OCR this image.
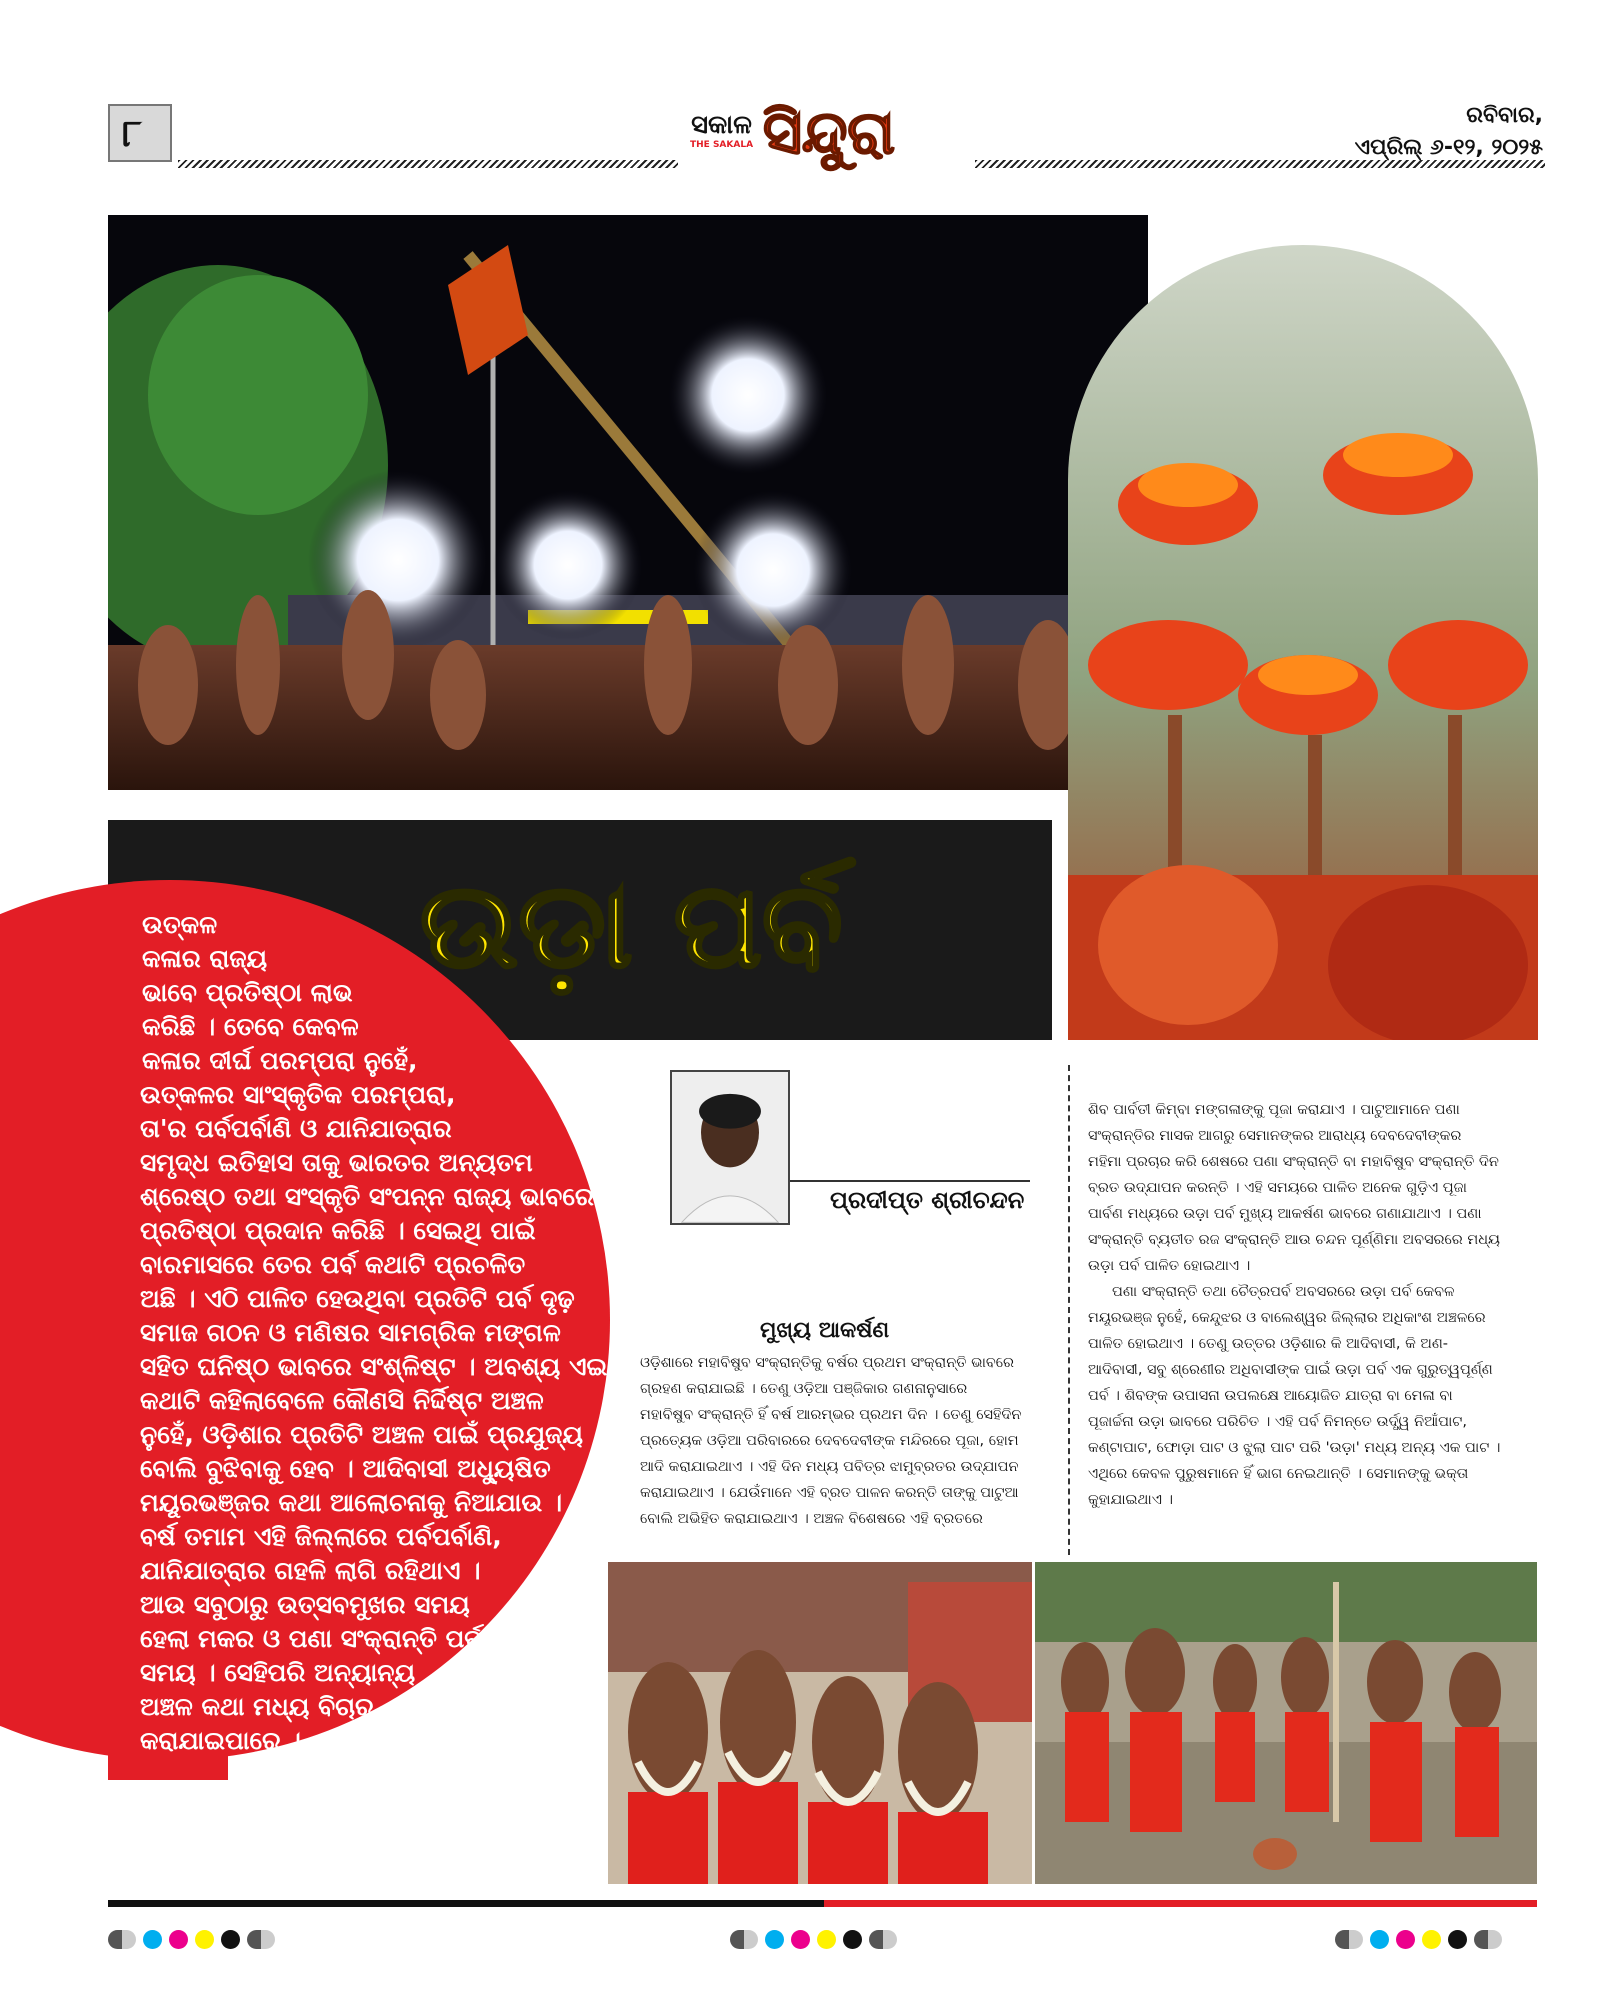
୮	ସକାଳ
THE SAKALA ସିନ୍ଦୁରା	ରବିବାର,
ଏପ୍ରିଲ୍ ୬-୧୨, ୨୦୨୫
ଉଡ଼ା ପର୍ବ
ଉତ୍କଳ
କଳାର ରାଜ୍ୟ
ଭାବେ ପ୍ରତିଷ୍ଠା ଲାଭ
କରିଛି । ତେବେ କେବଳ
କଳାର ଦୀର୍ଘ ପରମ୍ପରା ନୁହେଁ,
ଉତ୍କଳର ସାଂସ୍କୃତିକ ପରମ୍ପରା,
ତା'ର ପର୍ବପର୍ବାଣି ଓ ଯାନିଯାତ୍ରାର
ସମୃଦ୍ଧ ଇତିହାସ ତାକୁ ଭାରତର ଅନ୍ୟତମ
ଶ୍ରେଷ୍ଠ ତଥା ସଂସ୍କୃତି ସଂପନ୍ନ ରାଜ୍ୟ ଭାବରେ
ପ୍ରତିଷ୍ଠା ପ୍ରଦାନ କରିଛି । ସେଇଥି ପାଇଁ
ବାରମାସରେ ତେର ପର୍ବ କଥାଟି ପ୍ରଚଳିତ
ଅଛି । ଏଠି ପାଳିତ ହେଉଥିବା ପ୍ରତିଟି ପର୍ବ ଦୃଢ଼
ସମାଜ ଗଠନ ଓ ମଣିଷର ସାମଗ୍ରିକ ମଙ୍ଗଳ
ସହିତ ଘନିଷ୍ଠ ଭାବରେ ସଂଶ୍ଳିଷ୍ଟ । ଅବଶ୍ୟ ଏଇ
କଥାଟି କହିଲାବେଳେ କୌଣସି ନିର୍ଦ୍ଦିଷ୍ଟ ଅଞ୍ଚଳ
ନୁହେଁ, ଓଡ଼ିଶାର ପ୍ରତିଟି ଅଞ୍ଚଳ ପାଇଁ ପ୍ରଯୁଜ୍ୟ
ବୋଲି ବୁଝିବାକୁ ହେବ । ଆଦିବାସୀ ଅଧ୍ୟୁଷିତ
ମୟୂରଭଞ୍ଜର କଥା ଆଲୋଚନାକୁ ନିଆଯାଉ ।
ବର୍ଷ ତମାମ ଏହି ଜିଲ୍ଲାରେ ପର୍ବପର୍ବାଣି,
ଯାନିଯାତ୍ରାର ଗହଳି ଲାଗି ରହିଥାଏ ।
ଆଉ ସବୁଠାରୁ ଉତ୍ସବମୁଖର ସମୟ
ହେଲା ମକର ଓ ପଣା ସଂକ୍ରାନ୍ତି ପର୍ବର
ସମୟ । ସେହିପରି ଅନ୍ୟାନ୍ୟ
ଅଞ୍ଚଳ କଥା ମଧ୍ୟ ବିଚାର
କରାଯାଇପାରେ ।
ପ୍ରଦୀପ୍ତ ଶ୍ରୀଚନ୍ଦନ
ମୁଖ୍ୟ ଆକର୍ଷଣ
ଓଡ଼ିଶାରେ ମହାବିଷୁବ ସଂକ୍ରାନ୍ତିକୁ ବର୍ଷର ପ୍ରଥମ ସଂକ୍ରାନ୍ତି ଭାବରେ
ଗ୍ରହଣ କରାଯାଇଛି । ତେଣୁ ଓଡ଼ିଆ ପଞ୍ଜିକାର ଗଣନାନୁସାରେ
ମହାବିଷୁବ ସଂକ୍ରାନ୍ତି ହିଁ ବର୍ଷ ଆରମ୍ଭର ପ୍ରଥମ ଦିନ । ତେଣୁ ସେହିଦିନ
ପ୍ରତ୍ୟେକ ଓଡ଼ିଆ ପରିବାରରେ ଦେବଦେବୀଙ୍କ ମନ୍ଦିରରେ ପୂଜା, ହୋମ
ଆଦି କରାଯାଇଥାଏ । ଏହି ଦିନ ମଧ୍ୟ ପବିତ୍ର ଝାମୁବ୍ରତର ଉଦ୍‌ଯାପନ
କରାଯାଇଥାଏ । ଯେଉଁମାନେ ଏହି ବ୍ରତ ପାଳନ କରନ୍ତି ତାଙ୍କୁ ପାଟୁଆ
ବୋଲି ଅଭିହିତ କରାଯାଇଥାଏ । ଅଞ୍ଚଳ ବିଶେଷରେ ଏହି ବ୍ରତରେ
ଶିବ ପାର୍ବତୀ କିମ୍ବା ମଙ୍ଗଳାଙ୍କୁ ପୂଜା କରାଯାଏ । ପାଟୁଆମାନେ ପଣା
ସଂକ୍ରାନ୍ତିର ମାସକ ଆଗରୁ ସେମାନଙ୍କର ଆରାଧ୍ୟ ଦେବଦେବୀଙ୍କର
ମହିମା ପ୍ରଚାର କରି ଶେଷରେ ପଣା ସଂକ୍ରାନ୍ତି ବା ମହାବିଷୁବ ସଂକ୍ରାନ୍ତି ଦିନ
ବ୍ରତ ଉଦ୍‌ଯାପନ କରନ୍ତି । ଏହି ସମୟରେ ପାଳିତ ଅନେକ ଗୁଡ଼ିଏ ପୂଜା
ପାର୍ବଣ ମଧ୍ୟରେ ଉଡ଼ା ପର୍ବ ମୁଖ୍ୟ ଆକର୍ଷଣ ଭାବରେ ଗଣାଯାଥାଏ । ପଣା
ସଂକ୍ରାନ୍ତି ବ୍ୟତୀତ ରଜ ସଂକ୍ରାନ୍ତି ଆଉ ଚନ୍ଦନ ପୂର୍ଣ୍ଣିମା ଅବସରରେ ମଧ୍ୟ
ଉଡ଼ା ପର୍ବ ପାଳିତ ହୋଇଥାଏ ।
ପଣା ସଂକ୍ରାନ୍ତି ତଥା ଚୈତ୍ରପର୍ବ ଅବସରରେ ଉଡ଼ା ପର୍ବ କେବଳ
ମୟୂରଭଞ୍ଜ ନୁହେଁ, କେନ୍ଦୁଝର ଓ ବାଲେଶ୍ୱର ଜିଲ୍ଲାର ଅଧିକାଂଶ ଅଞ୍ଚଳରେ
ପାଳିତ ହୋଇଥାଏ । ତେଣୁ ଉତ୍ତର ଓଡ଼ିଶାର କି ଆଦିବାସୀ, କି ଅଣ-
ଆଦିବାସୀ, ସବୁ ଶ୍ରେଣୀର ଅଧିବାସୀଙ୍କ ପାଇଁ ଉଡ଼ା ପର୍ବ ଏକ ଗୁରୁତ୍ୱପୂର୍ଣ୍ଣ
ପର୍ବ । ଶିବଙ୍କ ଉପାସନା ଉପଲକ୍ଷେ ଆୟୋଜିତ ଯାତ୍ରା ବା ମେଳା ବା
ପୂଜାର୍ଚ୍ଚନା ଉଡ଼ା ଭାବରେ ପରିଚିତ । ଏହି ପର୍ବ ନିମନ୍ତେ ଉର୍ଦ୍ଧ୍ୱ ନିଆଁପାଟ,
କଣ୍ଟାପାଟ, ଫୋଡ଼ା ପାଟ ଓ ଝୁଲା ପାଟ ପରି 'ଉଡ଼ା' ମଧ୍ୟ ଅନ୍ୟ ଏକ ପାଟ ।
ଏଥିରେ କେବଳ ପୁରୁଷମାନେ ହିଁ ଭାଗ ନେଇଥାନ୍ତି । ସେମାନଙ୍କୁ ଭକ୍ତା
କୁହାଯାଇଥାଏ ।
